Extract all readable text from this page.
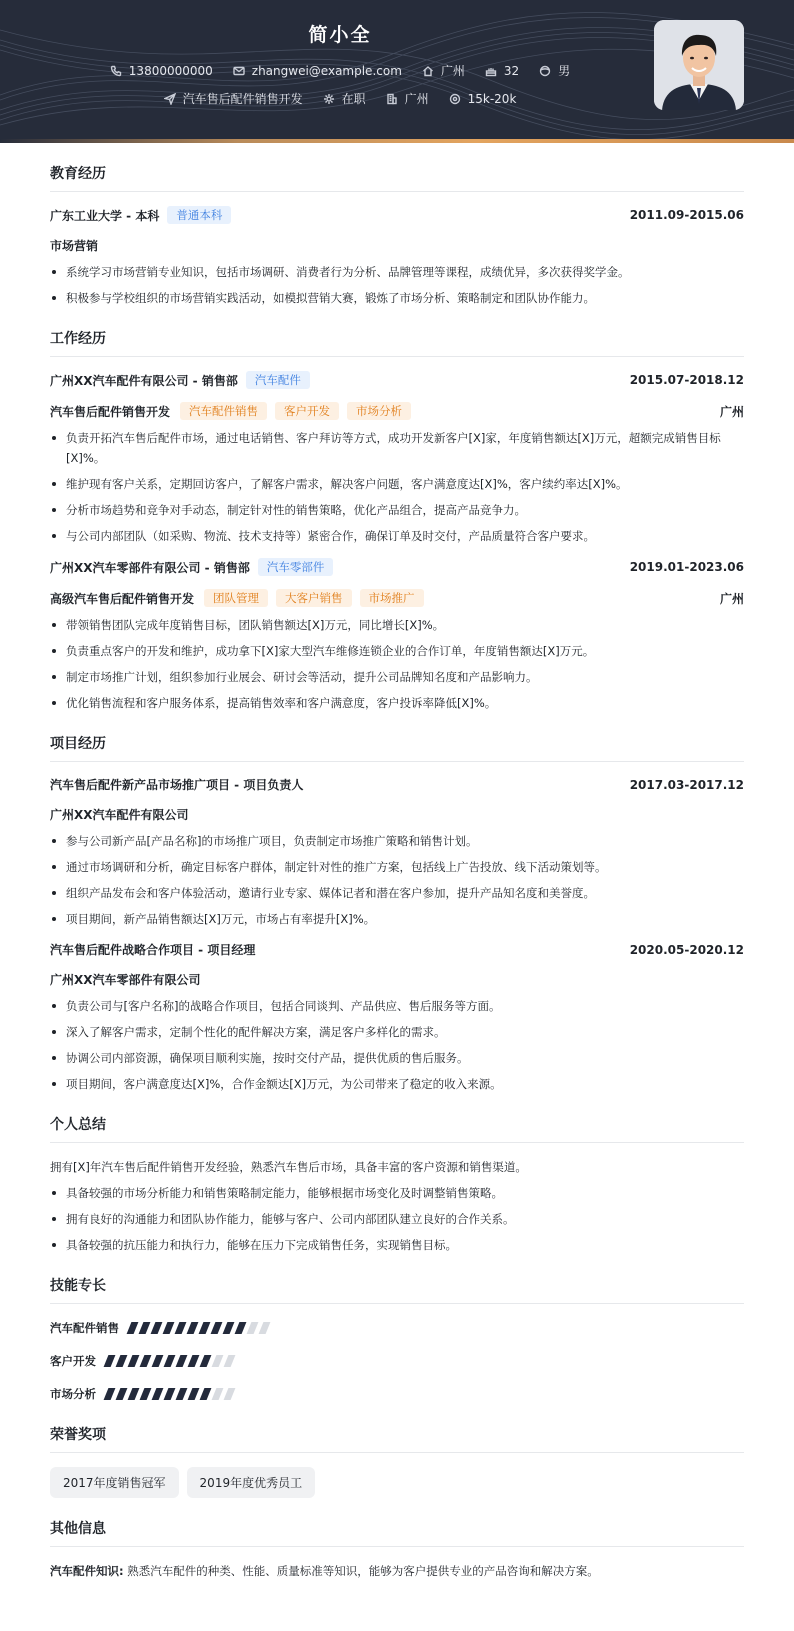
简小全
13800000000	zhangwei@example.com	广州	32	男
汽车售后配件销售开发	在职	广州	15k-20k
教育经历
广东工业大学 - 本科	普通本科	2011.09-2015.06
市场营销
系统学习市场营销专业知识，包括市场调研、消费者行为分析、品牌管理等课程，成绩优异，多次获得奖学金。
积极参与学校组织的市场营销实践活动，如模拟营销大赛，锻炼了市场分析、策略制定和团队协作能力。
工作经历
广州XX汽车配件有限公司 - 销售部	汽车配件	2015.07-2018.12
汽车售后配件销售开发	汽车配件销售	客户开发	市场分析	广州
负责开拓汽车售后配件市场，通过电话销售、客户拜访等方式，成功开发新客户[X]家，年度销售额达[X]万元，超额完成销售目标[X]%。
维护现有客户关系，定期回访客户，了解客户需求，解决客户问题，客户满意度达[X]%，客户续约率达[X]%。
分析市场趋势和竞争对手动态，制定针对性的销售策略，优化产品组合，提高产品竞争力。
与公司内部团队（如采购、物流、技术支持等）紧密合作，确保订单及时交付，产品质量符合客户要求。
广州XX汽车零部件有限公司 - 销售部	汽车零部件	2019.01-2023.06
高级汽车售后配件销售开发	团队管理	大客户销售	市场推广	广州
带领销售团队完成年度销售目标，团队销售额达[X]万元，同比增长[X]%。
负责重点客户的开发和维护，成功拿下[X]家大型汽车维修连锁企业的合作订单，年度销售额达[X]万元。
制定市场推广计划，组织参加行业展会、研讨会等活动，提升公司品牌知名度和产品影响力。
优化销售流程和客户服务体系，提高销售效率和客户满意度，客户投诉率降低[X]%。
项目经历
汽车售后配件新产品市场推广项目 - 项目负责人	2017.03-2017.12
广州XX汽车配件有限公司
参与公司新产品[产品名称]的市场推广项目，负责制定市场推广策略和销售计划。
通过市场调研和分析，确定目标客户群体，制定针对性的推广方案，包括线上广告投放、线下活动策划等。
组织产品发布会和客户体验活动，邀请行业专家、媒体记者和潜在客户参加，提升产品知名度和美誉度。
项目期间，新产品销售额达[X]万元，市场占有率提升[X]%。
汽车售后配件战略合作项目 - 项目经理	2020.05-2020.12
广州XX汽车零部件有限公司
负责公司与[客户名称]的战略合作项目，包括合同谈判、产品供应、售后服务等方面。
深入了解客户需求，定制个性化的配件解决方案，满足客户多样化的需求。
协调公司内部资源，确保项目顺利实施，按时交付产品，提供优质的售后服务。
项目期间，客户满意度达[X]%，合作金额达[X]万元，为公司带来了稳定的收入来源。
个人总结
拥有[X]年汽车售后配件销售开发经验，熟悉汽车售后市场，具备丰富的客户资源和销售渠道。
具备较强的市场分析能力和销售策略制定能力，能够根据市场变化及时调整销售策略。
拥有良好的沟通能力和团队协作能力，能够与客户、公司内部团队建立良好的合作关系。
具备较强的抗压能力和执行力，能够在压力下完成销售任务，实现销售目标。
技能专长
汽车配件销售
客户开发
市场分析
荣誉奖项
2017年度销售冠军	2019年度优秀员工
其他信息
汽车配件知识: 熟悉汽车配件的种类、性能、质量标准等知识，能够为客户提供专业的产品咨询和解决方案。
